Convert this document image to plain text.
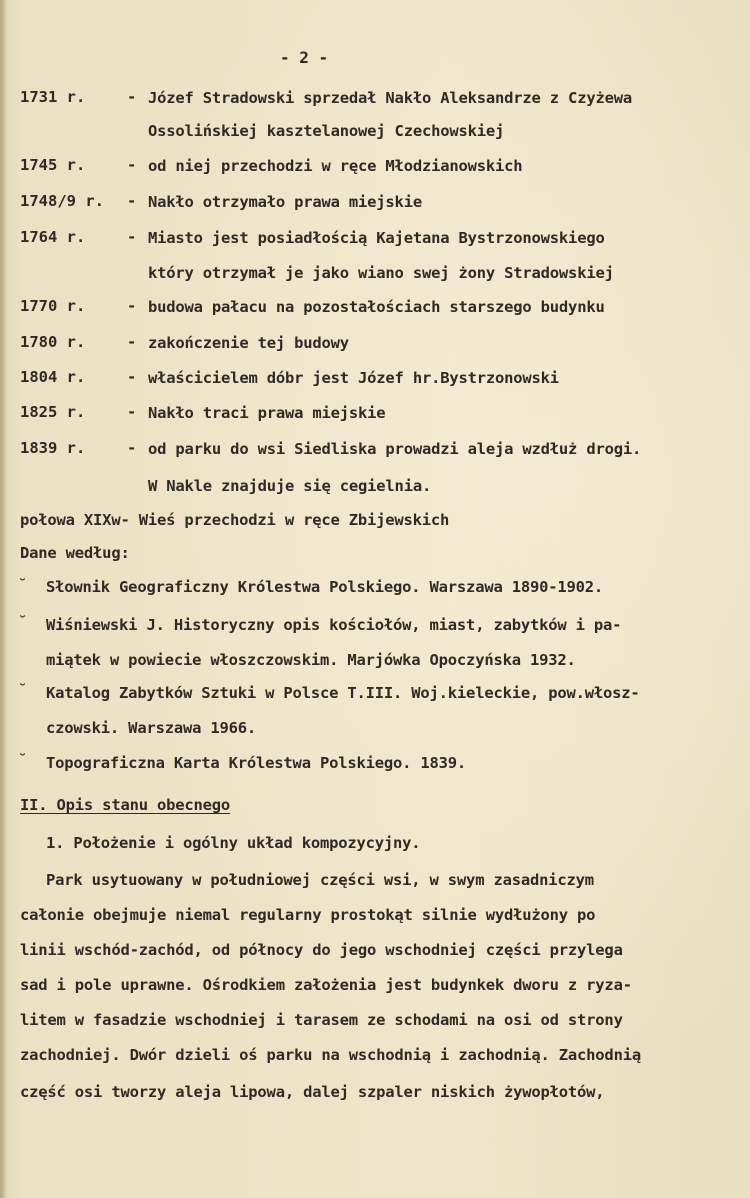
- 2 -
1731 r.	- Józef Stradowski sprzedał Nakło Aleksandrze z Czyżewa
Ossolińskiej kasztelanowej Czechowskiej
1745 r.	- od niej przechodzi w ręce Młodzianowskich
1748/9 r. - Nakło otrzymało prawa miejskie
1764 r.	- Miasto jest posiadłością Kajetana Bystrzonowskiego
który otrzymał je jako wiano swej żony Stradowskiej
1770 r.	- budowa pałacu na pozostałościach starszego budynku
1780 r.	- zakończenie tej budowy
1804 r.	- właścicielem dóbr jest Józef hr.Bystrzonowski
1825 r.	- Nakło traci prawa miejskie
1839 r.	- od parku do wsi Siedliska prowadzi aleja wzdłuż drogi.
W Nakle znajduje się cegielnia.
połowa XIXw- Wieś przechodzi w ręce Zbijewskich
Dane według:
˘ Słownik Geograficzny Królestwa Polskiego. Warszawa 1890-1902.
˘ Wiśniewski J. Historyczny opis kościołów, miast, zabytków i pa-
miątek w powiecie włoszczowskim. Marjówka Opoczyńska 1932.
˘ Katalog Zabytków Sztuki w Polsce T.III. Woj.kieleckie, pow.włosz-
czowski. Warszawa 1966.
˘ Topograficzna Karta Królestwa Polskiego. 1839.
II. Opis stanu obecnego
1. Położenie i ogólny układ kompozycyjny.
Park usytuowany w południowej części wsi, w swym zasadniczym
całonie obejmuje niemal regularny prostokąt silnie wydłużony po
linii wschód-zachód, od północy do jego wschodniej części przylega
sad i pole uprawne. Ośrodkiem założenia jest budynkek dworu z ryza-
litem w fasadzie wschodniej i tarasem ze schodami na osi od strony
zachodniej. Dwór dzieli oś parku na wschodnią i zachodnią. Zachodnią
część osi tworzy aleja lipowa, dalej szpaler niskich żywopłotów,
